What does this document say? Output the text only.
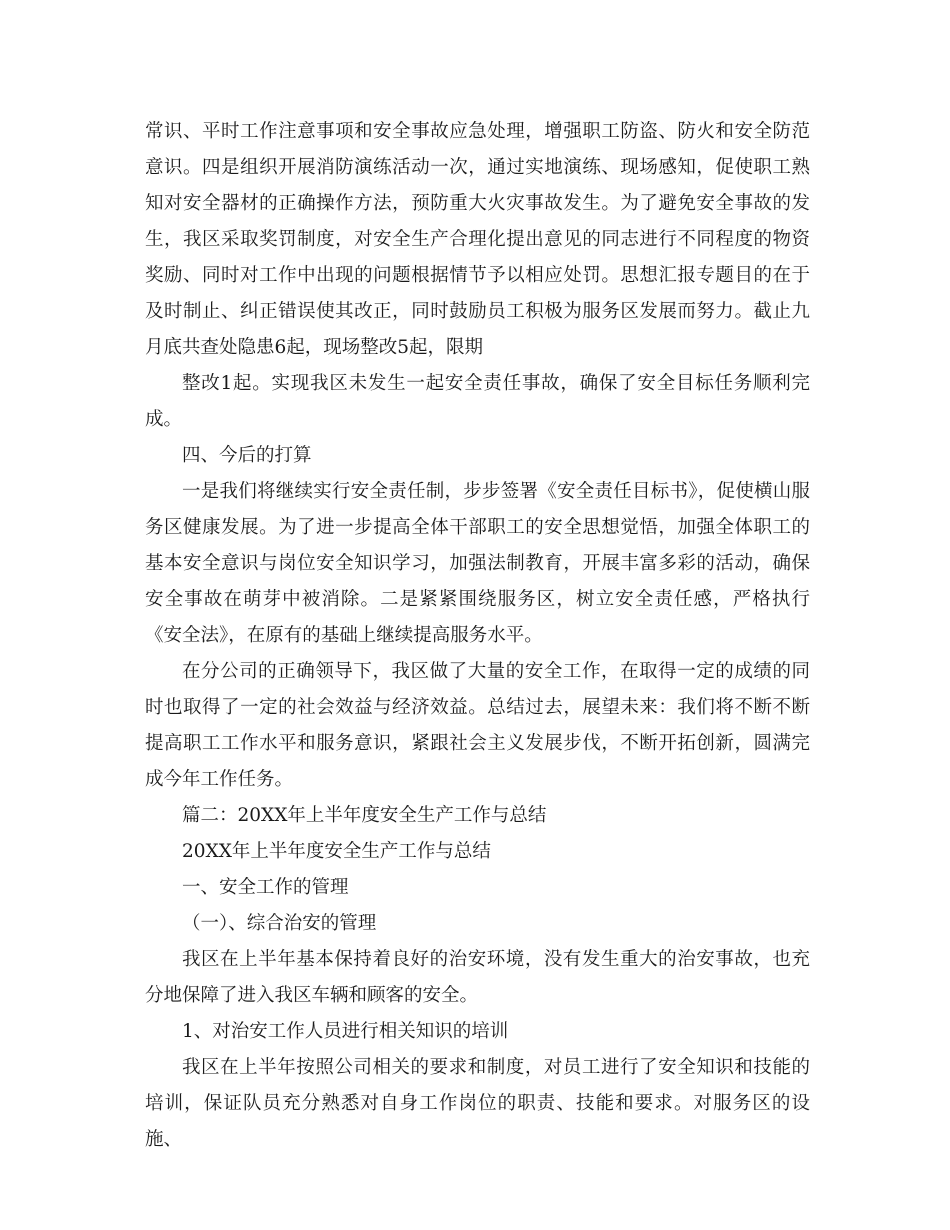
常识、平时工作注意事项和安全事故应急处理，增强职工防盗、防火和安全防范意识。四是组织开展消防演练活动一次，通过实地演练、现场感知，促使职工熟知对安全器材的正确操作方法，预防重大火灾事故发生。为了避免安全事故的发生，我区采取奖罚制度，对安全生产合理化提出意见的同志进行不同程度的物资奖励、同时对工作中出现的问题根据情节予以相应处罚。思想汇报专题目的在于及时制止、纠正错误使其改正，同时鼓励员工积极为服务区发展而努力。截止九月底共查处隐患6起，现场整改5起，限期

整改1起。实现我区未发生一起安全责任事故，确保了安全目标任务顺利完成。

四、今后的打算

一是我们将继续实行安全责任制，步步签署《安全责任目标书》，促使横山服务区健康发展。为了进一步提高全体干部职工的安全思想觉悟，加强全体职工的基本安全意识与岗位安全知识学习，加强法制教育，开展丰富多彩的活动，确保安全事故在萌芽中被消除。二是紧紧围绕服务区，树立安全责任感，严格执行《安全法》，在原有的基础上继续提高服务水平。

在分公司的正确领导下，我区做了大量的安全工作，在取得一定的成绩的同时也取得了一定的社会效益与经济效益。总结过去，展望未来：我们将不断不断提高职工工作水平和服务意识，紧跟社会主义发展步伐，不断开拓创新，圆满完成今年工作任务。

篇二：20XX年上半年度安全生产工作与总结

20XX年上半年度安全生产工作与总结

一、安全工作的管理

（一）、综合治安的管理

我区在上半年基本保持着良好的治安环境，没有发生重大的治安事故，也充分地保障了进入我区车辆和顾客的安全。

1、对治安工作人员进行相关知识的培训

我区在上半年按照公司相关的要求和制度，对员工进行了安全知识和技能的培训，保证队员充分熟悉对自身工作岗位的职责、技能和要求。对服务区的设施、
